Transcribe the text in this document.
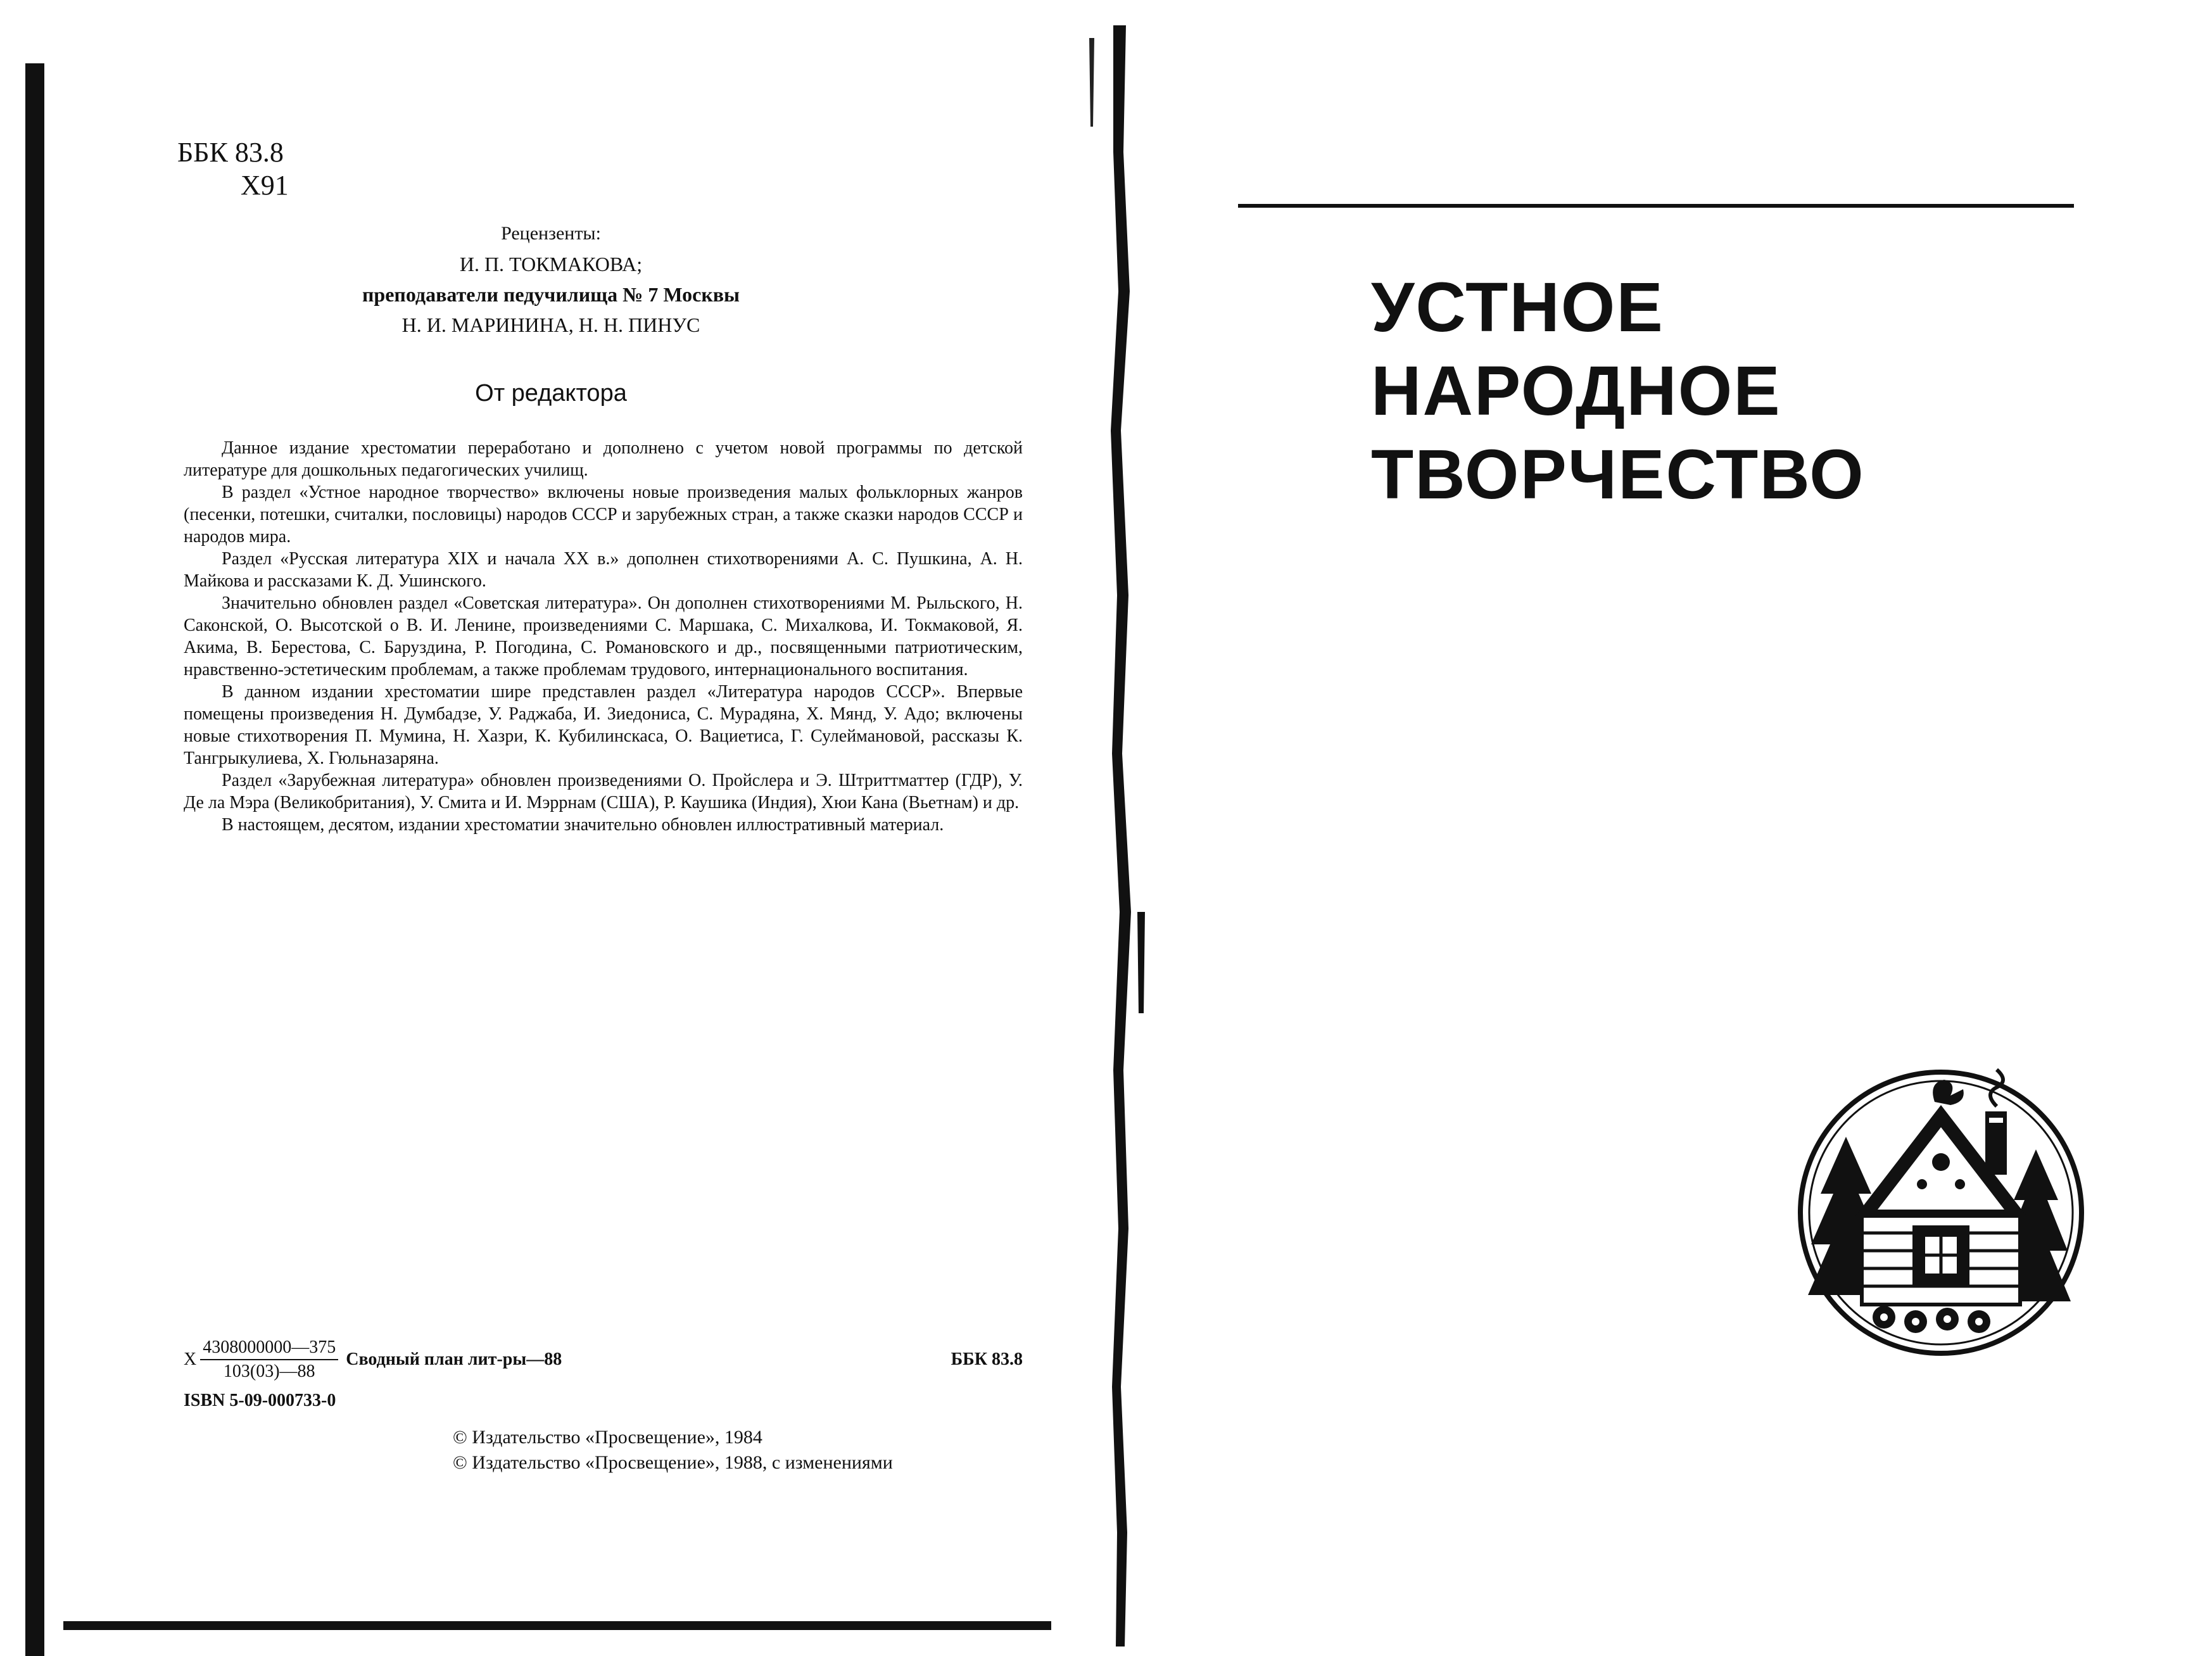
ББК 83.8
Х91
Рецензенты:
И. П. ТОКМАКОВА;
преподаватели педучилища № 7 Москвы
Н. И. МАРИНИНА, Н. Н. ПИНУС
От редактора

Данное издание хрестоматии переработано и дополнено с учетом новой программы по детской литературе для дошкольных педагогических училищ.

В раздел «Устное народное творчество» включены новые произведения малых фольклорных жанров (песенки, потешки, считалки, пословицы) народов СССР и зарубежных стран, а также сказки народов СССР и народов мира.

Раздел «Русская литература XIX и начала XX в.» дополнен стихотворениями А. С. Пушкина, А. Н. Майкова и рассказами К. Д. Ушинского.

Значительно обновлен раздел «Советская литература». Он дополнен стихотворениями М. Рыльского, Н. Саконской, О. Высотской о В. И. Ленине, произведениями С. Маршака, С. Михалкова, И. Токмаковой, Я. Акима, В. Берестова, С. Баруздина, Р. Погодина, С. Романовского и др., посвященными патриотическим, нравственно-эстетическим проблемам, а также проблемам трудового, интернационального воспитания.

В данном издании хрестоматии шире представлен раздел «Литература народов СССР». Впервые помещены произведения Н. Думбадзе, У. Раджаба, И. Зиедониса, С. Мурадяна, Х. Мянд, У. Адо; включены новые стихотворения П. Мумина, Н. Хазри, К. Кубилинскаса, О. Вациетиса, Г. Сулеймановой, рассказы К. Тангрыкулиева, Х. Гюльназаряна.

Раздел «Зарубежная литература» обновлен произведениями О. Пройслера и Э. Штриттматтер (ГДР), У. Де ла Мэра (Великобритания), У. Смита и И. Мэррнам (США), Р. Каушика (Индия), Хюи Кана (Вьетнам) и др.

В настоящем, десятом, издании хрестоматии значительно обновлен иллюстративный материал.

Х $\frac{4308000000—375}{103(03)—88}$ Сводный план лит-ры—88	ББК 83.8
ISBN 5-09-000733-0
© Издательство «Просвещение», 1984
© Издательство «Просвещение», 1988, с изменениями
УСТНОЕ
НАРОДНОЕ
ТВОРЧЕСТВО
